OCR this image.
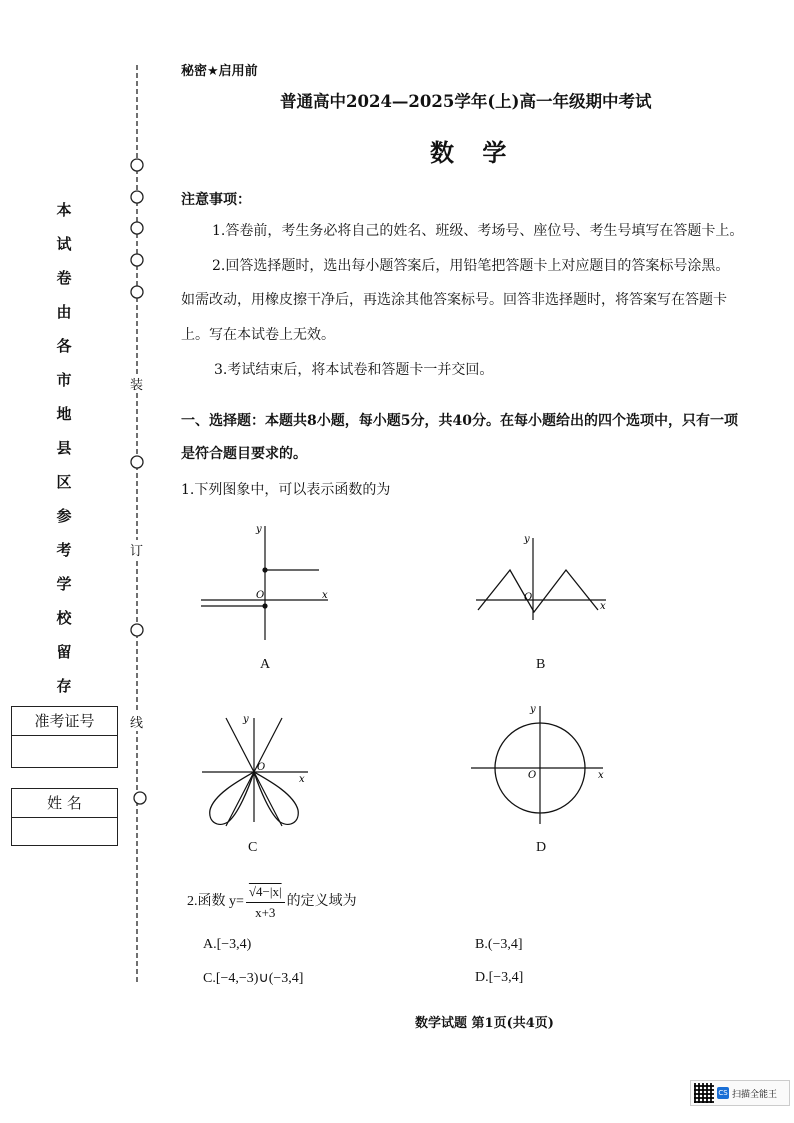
装
订
线
本
试
卷
由
各
市
地
县
区
参
考
学
校
留
存
准考证号
姓 名
秘密★启用前
普通高中2024—2025学年(上)高一年级期中考试
数 学
注意事项：
1.答卷前，考生务必将自己的姓名、班级、考场号、座位号、考生号填写在答题卡上。
2.回答选择题时，选出每小题答案后，用铅笔把答题卡上对应题目的答案标号涂黑。
如需改动，用橡皮擦干净后，再选涂其他答案标号。回答非选择题时，将答案写在答题卡
上。写在本试卷上无效。
3.考试结束后，将本试卷和答题卡一并交回。
一、选择题：本题共8小题，每小题5分，共40分。在每小题给出的四个选项中，只有一项
是符合题目要求的。
1.下列图象中，可以表示函数的为
y
x
O
A
y
x
O
B
y
x
O
C
y
x
O
D
2.函数 $y= \frac{√4-|x|}{x+3}$ 的定义域为
A.[−3,4)	B.(−3,4]
C.[−4,−3)∪(−3,4]	D.[−3,4]
数学试题 第1页(共4页)
CS 扫描全能王
